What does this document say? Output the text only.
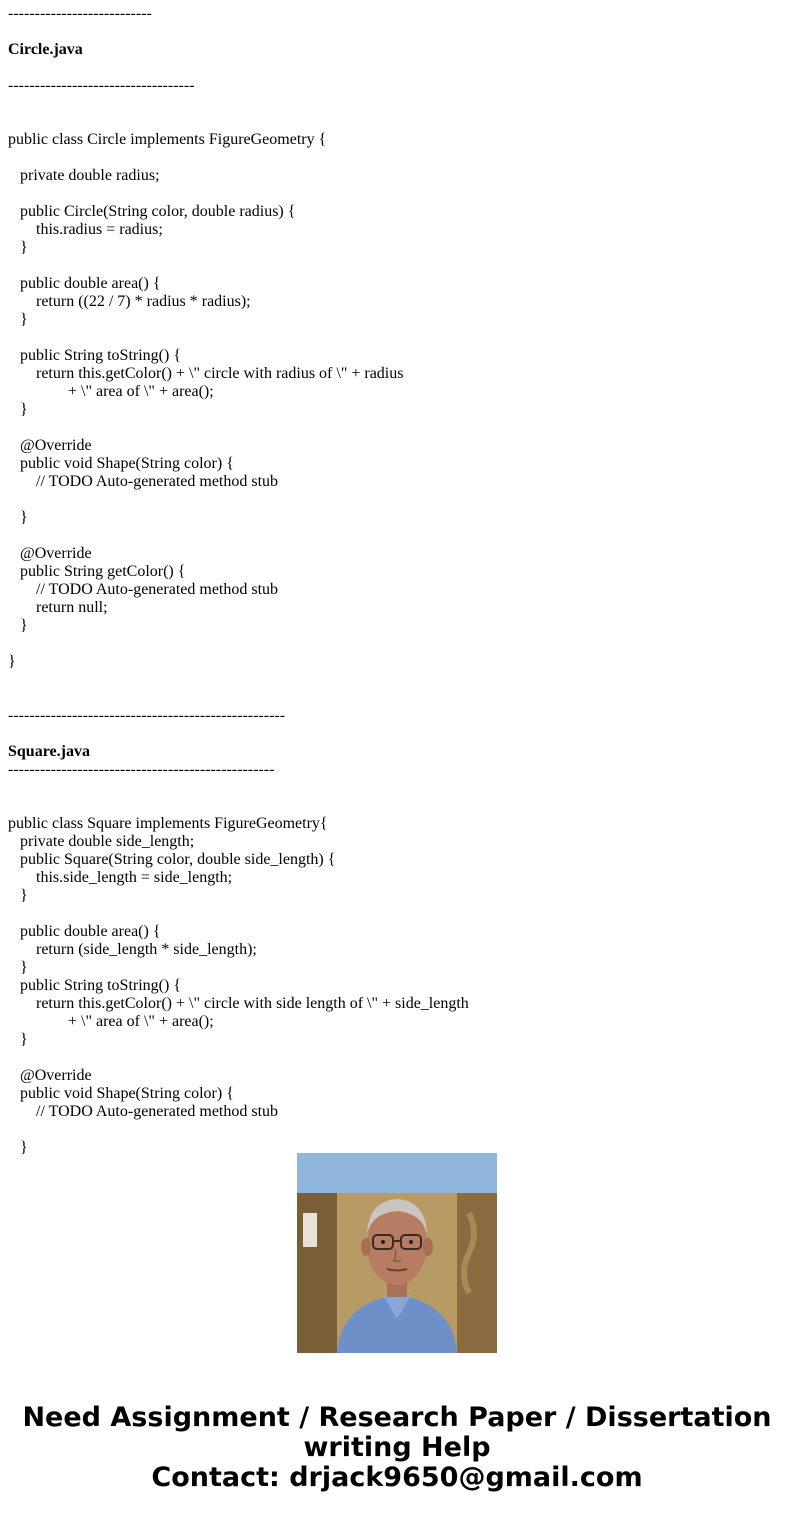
---------------------------
Circle.java
-----------------------------------
public class Circle implements FigureGeometry {
private double radius;
public Circle(String color, double radius) {
this.radius = radius;
}
public double area() {
return ((22 / 7) * radius * radius);
}
public String toString() {
return this.getColor() + \" circle with radius of \" + radius
+ \" area of \" + area();
}
@Override
public void Shape(String color) {
// TODO Auto-generated method stub
}
@Override
public String getColor() {
// TODO Auto-generated method stub
return null;
}
}
----------------------------------------------------
Square.java
--------------------------------------------------
public class Square implements FigureGeometry{
private double side_length;
public Square(String color, double side_length) {
this.side_length = side_length;
}
public double area() {
return (side_length * side_length);
}
public String toString() {
return this.getColor() + \" circle with side length of \" + side_length
+ \" area of \" + area();
}
@Override
public void Shape(String color) {
// TODO Auto-generated method stub
}
Need Assignment / Research Paper / Dissertation
writing Help
Contact: drjack9650@gmail.com
